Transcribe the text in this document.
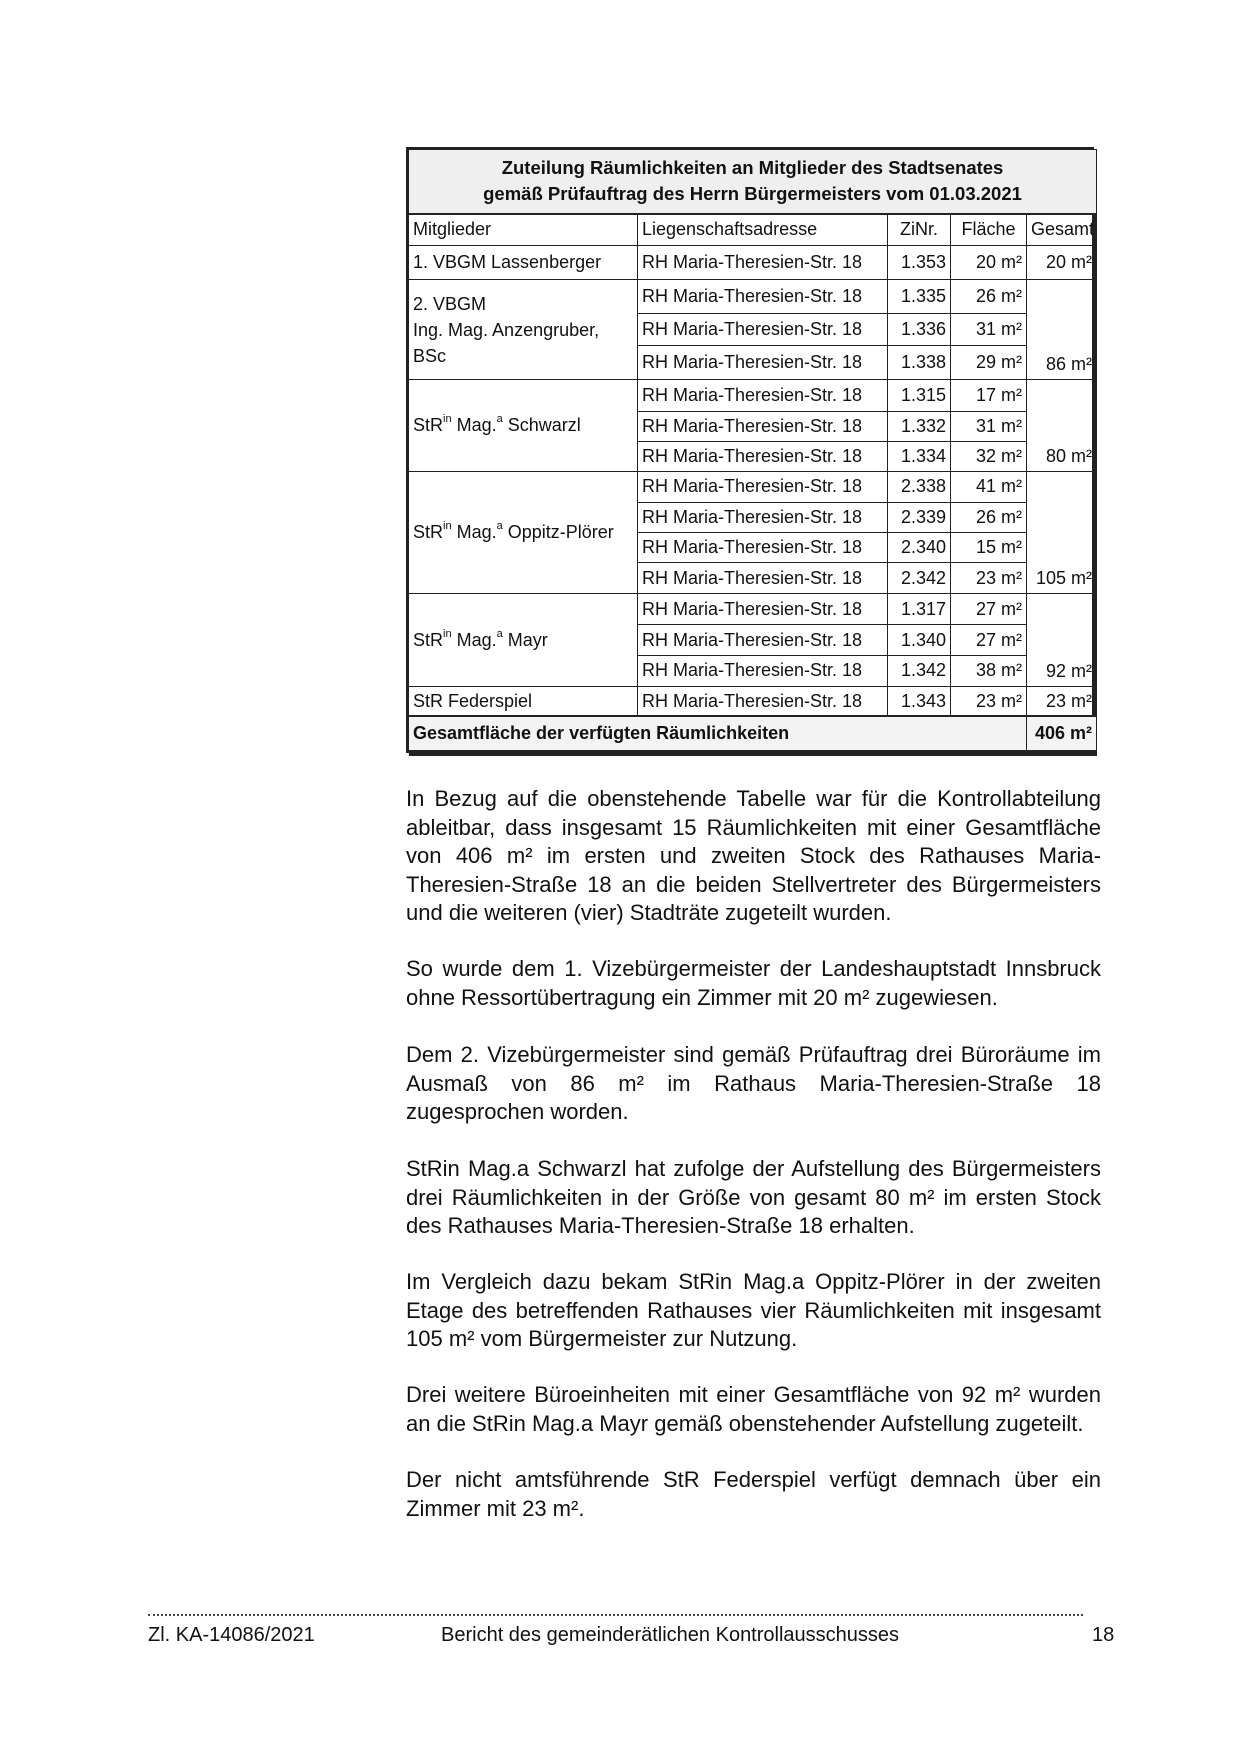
Zuteilung Räumlichkeiten an Mitglieder des Stadtsenates
gemäß Prüfauftrag des Herrn Bürgermeisters vom 01.03.2021				

Mitglieder	Liegenschaftsadresse	ZiNr.	Fläche	Gesamt
1. VBGM Lassenberger	RH Maria-Theresien-Str. 18	1.353	20 m²	20 m²

2. VBGM
Ing. Mag. Anzengruber,
BSc	RH Maria-Theresien-Str. 18	1.335	26 m²	86 m²
	RH Maria-Theresien-Str. 18	1.336	31 m²	
	RH Maria-Theresien-Str. 18	1.338	29 m²	
StR$^{in}$ Mag.$^a$ Schwarzl	RH Maria-Theresien-Str. 18	1.315	17 m²	80 m²
	RH Maria-Theresien-Str. 18	1.332	31 m²	
	RH Maria-Theresien-Str. 18	1.334	32 m²	
StR$^{in}$ Mag.$^a$ Oppitz-Plörer	RH Maria-Theresien-Str. 18	2.338	41 m²	105 m²
	RH Maria-Theresien-Str. 18	2.339	26 m²	
	RH Maria-Theresien-Str. 18	2.340	15 m²	
	RH Maria-Theresien-Str. 18	2.342	23 m²	
StR$^{in}$ Mag.$^a$ Mayr	RH Maria-Theresien-Str. 18	1.317	27 m²	92 m²
	RH Maria-Theresien-Str. 18	1.340	27 m²	
	RH Maria-Theresien-Str. 18	1.342	38 m²	
StR Federspiel	RH Maria-Theresien-Str. 18	1.343	23 m²	23 m²
Gesamtfläche der verfügten Räumlichkeiten				406 m²

In Bezug auf die obenstehende Tabelle war für die Kontrollabteilung ableitbar, dass insgesamt 15 Räumlichkeiten mit einer Gesamtfläche von 406 m² im ersten und zweiten Stock des Rathauses Maria-Theresien-Straße 18 an die beiden Stellvertreter des Bürgermeisters und die weiteren (vier) Stadträte zugeteilt wurden.

So wurde dem 1. Vizebürgermeister der Landeshauptstadt Innsbruck ohne Ressortübertragung ein Zimmer mit 20 m² zugewiesen.

Dem 2. Vizebürgermeister sind gemäß Prüfauftrag drei Büroräume im Ausmaß von 86 m² im Rathaus Maria-Theresien-Straße 18 zugesprochen worden.

StRin Mag.a Schwarzl hat zufolge der Aufstellung des Bürgermeisters drei Räumlichkeiten in der Größe von gesamt 80 m² im ersten Stock des Rathauses Maria-Theresien-Straße 18 erhalten.

Im Vergleich dazu bekam StRin Mag.a Oppitz-Plörer in der zweiten Etage des betreffenden Rathauses vier Räumlichkeiten mit insgesamt 105 m² vom Bürgermeister zur Nutzung.

Drei weitere Büroeinheiten mit einer Gesamtfläche von 92 m² wurden an die StRin Mag.a Mayr gemäß obenstehender Aufstellung zugeteilt.

Der nicht amtsführende StR Federspiel verfügt demnach über ein Zimmer mit 23 m².

Zl. KA-14086/2021	Bericht des gemeinderätlichen Kontrollausschusses	18
